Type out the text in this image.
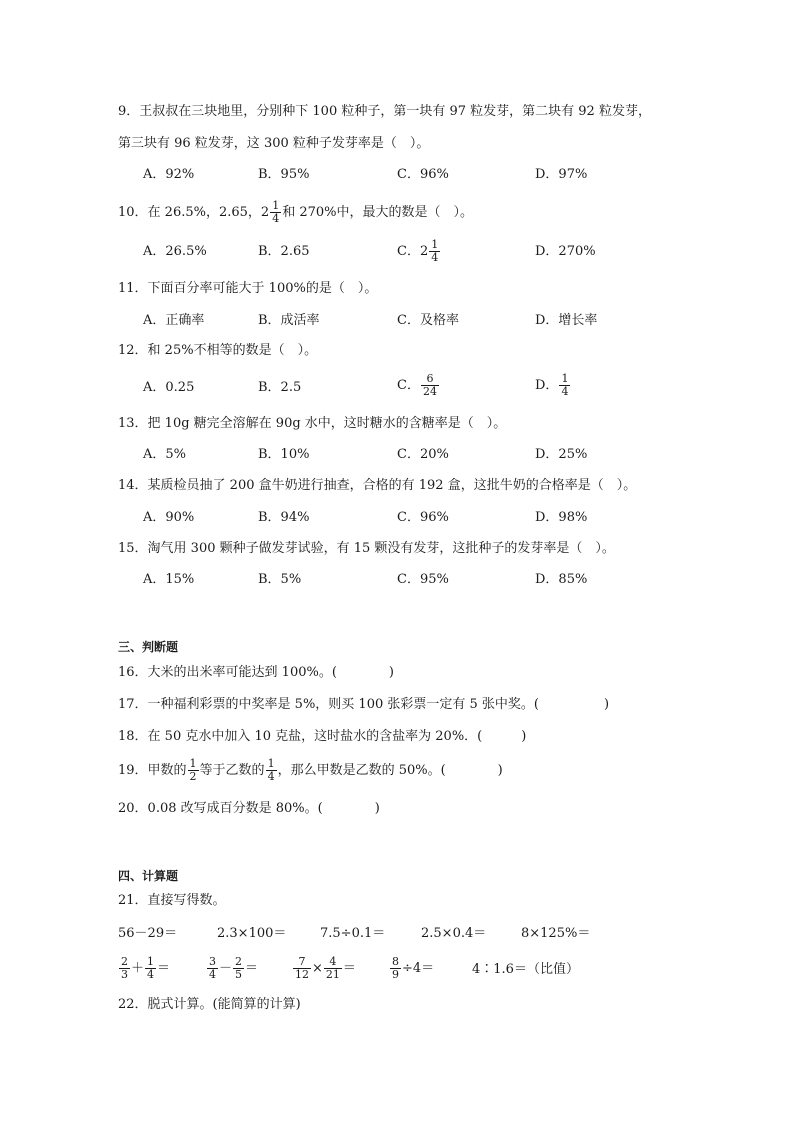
9．王叔叔在三块地里，分别种下 100 粒种子，第一块有 97 粒发芽，第二块有 92 粒发芽，
第三块有 96 粒发芽，这 300 粒种子发芽率是（　）。
A．92%	B．95%	C．96%	D．97%
10．在 26.5%，2.65，$2 \frac{1}{4}$ 和 270%中，最大的数是（　）。
A．26.5%	B．2.65	C．$2 \frac{1}{4}$	D．270%
11．下面百分率可能大于 100%的是（　）。
A．正确率	B．成活率	C．及格率	D．增长率
12．和 25%不相等的数是（　）。
A．0.25	B．2.5	C． $\frac{6}{24}$	D． $\frac{1}{4}$
13．把 10g 糖完全溶解在 90g 水中，这时糖水的含糖率是（　）。
A．5%	B．10%	C．20%	D．25%
14．某质检员抽了 200 盒牛奶进行抽查，合格的有 192 盒，这批牛奶的合格率是（　）。
A．90%	B．94%	C．96%	D．98%
15．淘气用 300 颗种子做发芽试验，有 15 颗没有发芽，这批种子的发芽率是（　）。
A．15%	B．5%	C．95%	D．85%
三、判断题
16．大米的出米率可能达到 100%。(　　　　)
17．一种福利彩票的中奖率是 5%，则买 100 张彩票一定有 5 张中奖。(　　　　　)
18．在 50 克水中加入 10 克盐，这时盐水的含盐率为 20%．(　　　)
19．甲数的 $\frac{1}{2}$ 等于乙数的 $\frac{1}{4}$ ，那么甲数是乙数的 50%。(　　　　)
20．0.08 改写成百分数是 80%。(　　　　)
四、计算题
21．直接写得数。
56－29＝	2.3×100＝	7.5÷0.1＝	2.5×0.4＝	8×125%＝
$\frac{2}{3} + \frac{1}{4}$ ＝	$\frac{3}{4} - \frac{2}{5}$ ＝	$\frac{7}{12} \times \frac{4}{21}$ ＝	$\frac{8}{9} \div 4=$	4∶1.6＝（比值）
22．脱式计算。(能简算的计算)
